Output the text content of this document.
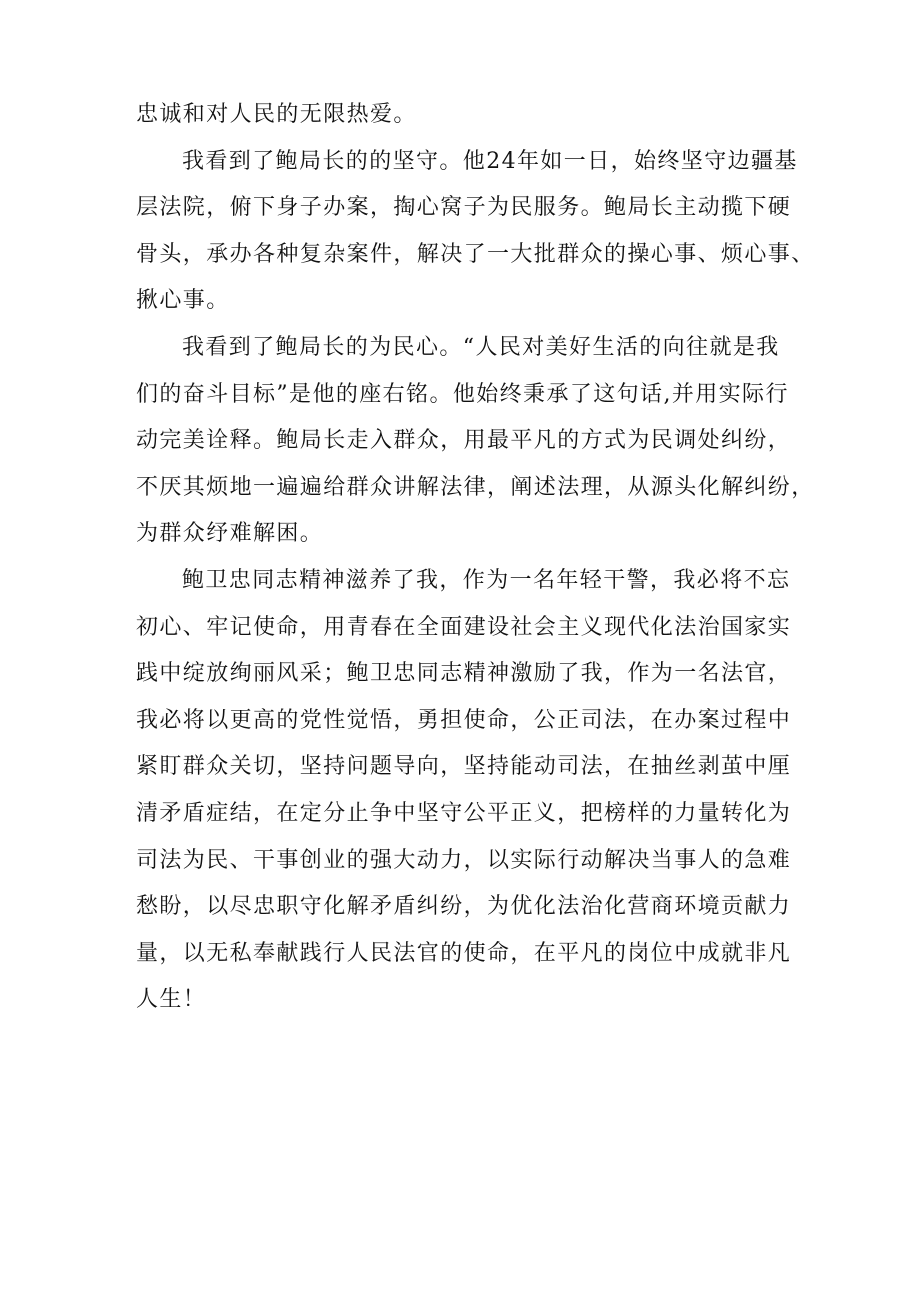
忠诚和对人民的无限热爱。
我看到了鲍局长的的坚守。他24年如一日，始终坚守边疆基
层法院，俯下身子办案，掏心窝子为民服务。鲍局长主动揽下硬
骨头，承办各种复杂案件，解决了一大批群众的操心事、烦心事、
揪心事。
我看到了鲍局长的为民心。“人民对美好生活的向往就是我
们的奋斗目标”是他的座右铭。他始终秉承了这句话,并用实际行
动完美诠释。鲍局长走入群众，用最平凡的方式为民调处纠纷，
不厌其烦地一遍遍给群众讲解法律，阐述法理，从源头化解纠纷，
为群众纾难解困。
鲍卫忠同志精神滋养了我，作为一名年轻干警，我必将不忘
初心、牢记使命，用青春在全面建设社会主义现代化法治国家实
践中绽放绚丽风采；鲍卫忠同志精神激励了我，作为一名法官，
我必将以更高的党性觉悟，勇担使命，公正司法，在办案过程中
紧盯群众关切，坚持问题导向，坚持能动司法，在抽丝剥茧中厘
清矛盾症结，在定分止争中坚守公平正义，把榜样的力量转化为
司法为民、干事创业的强大动力，以实际行动解决当事人的急难
愁盼，以尽忠职守化解矛盾纠纷，为优化法治化营商环境贡献力
量，以无私奉献践行人民法官的使命，在平凡的岗位中成就非凡
人生！
